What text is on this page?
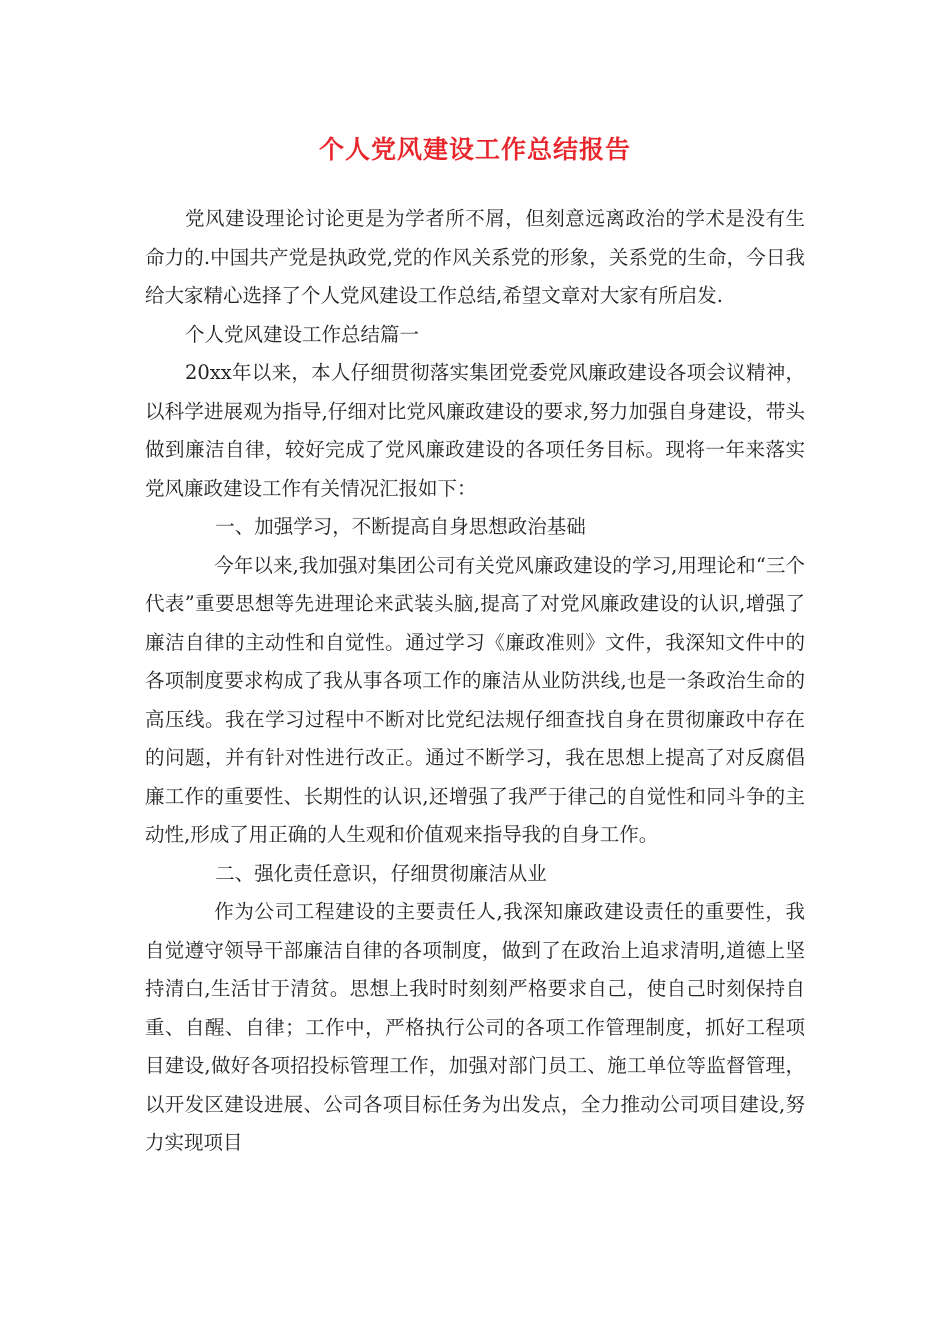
个人党风建设工作总结报告

党风建设理论讨论更是为学者所不屑，但刻意远离政治的学术是没有生命力的.中国共产党是执政党,党的作风关系党的形象，关系党的生命，今日我给大家精心选择了个人党风建设工作总结,希望文章对大家有所启发.

个人党风建设工作总结篇一

20xx年以来，本人仔细贯彻落实集团党委党风廉政建设各项会议精神，以科学进展观为指导,仔细对比党风廉政建设的要求,努力加强自身建设，带头做到廉洁自律，较好完成了党风廉政建设的各项任务目标。现将一年来落实党风廉政建设工作有关情况汇报如下：

一、加强学习，不断提高自身思想政治基础

今年以来,我加强对集团公司有关党风廉政建设的学习,用理论和“三个代表”重要思想等先进理论来武装头脑,提高了对党风廉政建设的认识,增强了廉洁自律的主动性和自觉性。通过学习《廉政准则》文件，我深知文件中的各项制度要求构成了我从事各项工作的廉洁从业防洪线,也是一条政治生命的高压线。我在学习过程中不断对比党纪法规仔细查找自身在贯彻廉政中存在的问题，并有针对性进行改正。通过不断学习，我在思想上提高了对反腐倡廉工作的重要性、长期性的认识,还增强了我严于律己的自觉性和同斗争的主动性,形成了用正确的人生观和价值观来指导我的自身工作。

二、强化责任意识，仔细贯彻廉洁从业

作为公司工程建设的主要责任人,我深知廉政建设责任的重要性，我自觉遵守领导干部廉洁自律的各项制度，做到了在政治上追求清明,道德上坚持清白,生活甘于清贫。思想上我时时刻刻严格要求自己，使自己时刻保持自重、自醒、自律；工作中，严格执行公司的各项工作管理制度，抓好工程项目建设,做好各项招投标管理工作，加强对部门员工、施工单位等监督管理，以开发区建设进展、公司各项目标任务为出发点，全力推动公司项目建设,努力实现项目
